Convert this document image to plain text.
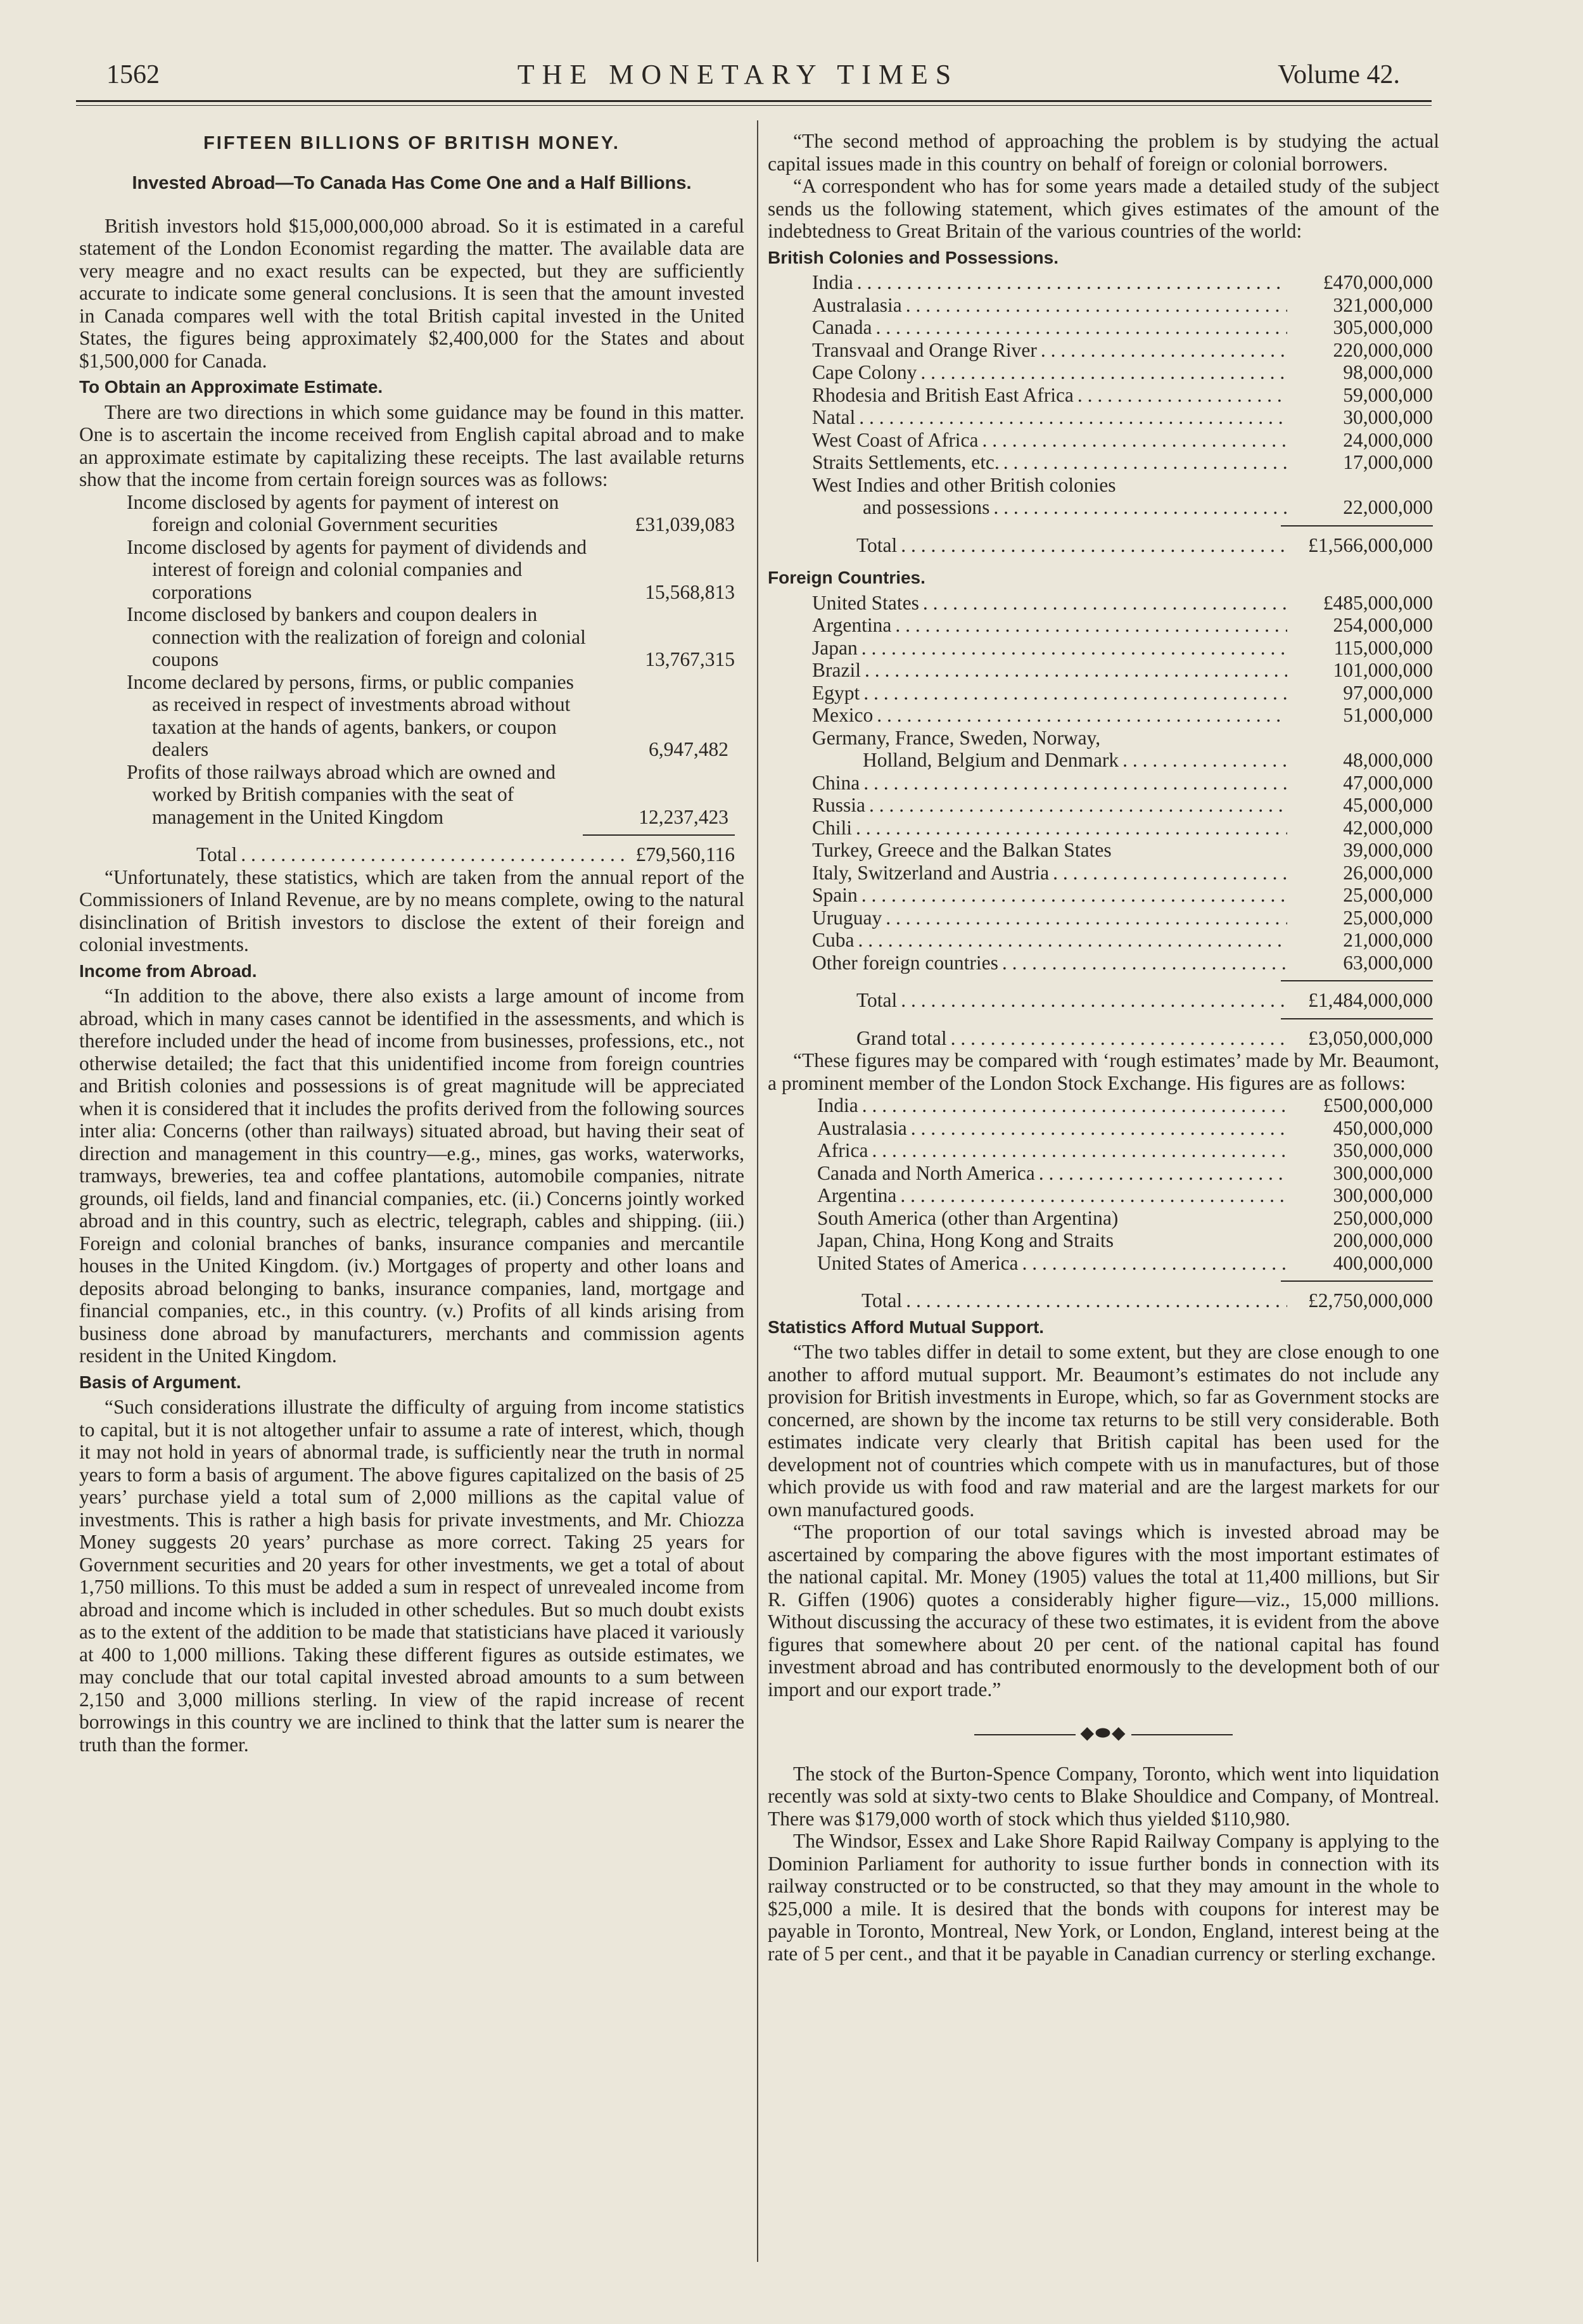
1562	THE MONETARY TIMES	Volume 42.
FIFTEEN BILLIONS OF BRITISH MONEY.
Invested Abroad—To Canada Has Come One and a Half Billions.

British investors hold $15,000,000,000 abroad. So it is estimated in a careful statement of the London Economist regarding the matter. The available data are very meagre and no exact results can be expected, but they are sufficiently accurate to indicate some general conclusions. It is seen that the amount invested in Canada compares well with the total British capital invested in the United States, the figures being approximately $2,400,000 for the States and about $1,500,000 for Canada.

To Obtain an Approximate Estimate.

There are two directions in which some guidance may be found in this matter. One is to ascertain the income received from English capital abroad and to make an approximate estimate by capitalizing these receipts. The last available returns show that the income from certain foreign sources was as follows:

Income disclosed by agents for payment of interest on foreign and colonial Government securities	£31,039,083
Income disclosed by agents for payment of dividends and interest of foreign and colonial companies and corporations	15,568,813
Income disclosed by bankers and coupon dealers in connection with the realization of foreign and colonial coupons	13,767,315
Income declared by persons, firms, or public companies as received in respect of investments abroad without taxation at the hands of agents, bankers, or coupon dealers	6,947,482
Profits of those railways abroad which are owned and worked by British companies with the seat of management in the United Kingdom	12,237,423
Total . . .	£79,560,116

“Unfortunately, these statistics, which are taken from the annual report of the Commissioners of Inland Revenue, are by no means complete, owing to the natural disinclination of British investors to disclose the extent of their foreign and colonial investments.

Income from Abroad.

“In addition to the above, there also exists a large amount of income from abroad, which in many cases cannot be identified in the assessments, and which is therefore included under the head of income from businesses, professions, etc., not otherwise detailed; the fact that this unidentified income from foreign countries and British colonies and possessions is of great magnitude will be appreciated when it is considered that it includes the profits derived from the following sources inter alia: Concerns (other than railways) situated abroad, but having their seat of direction and management in this country—e.g., mines, gas works, waterworks, tramways, breweries, tea and coffee plantations, automobile companies, nitrate grounds, oil fields, land and financial companies, etc. (ii.) Concerns jointly worked abroad and in this country, such as electric, telegraph, cables and shipping. (iii.) Foreign and colonial branches of banks, insurance companies and mercantile houses in the United Kingdom. (iv.) Mortgages of property and other loans and deposits abroad belonging to banks, insurance companies, land, mortgage and financial companies, etc., in this country. (v.) Profits of all kinds arising from business done abroad by manufacturers, merchants and commission agents resident in the United Kingdom.

Basis of Argument.

“Such considerations illustrate the difficulty of arguing from income statistics to capital, but it is not altogether unfair to assume a rate of interest, which, though it may not hold in years of abnormal trade, is sufficiently near the truth in normal years to form a basis of argument. The above figures capitalized on the basis of 25 years’ purchase yield a total sum of 2,000 millions as the capital value of investments. This is rather a high basis for private investments, and Mr. Chiozza Money suggests 20 years’ purchase as more correct. Taking 25 years for Government securities and 20 years for other investments, we get a total of about 1,750 millions. To this must be added a sum in respect of unrevealed income from abroad and income which is included in other schedules. But so much doubt exists as to the extent of the addition to be made that statisticians have placed it variously at 400 to 1,000 millions. Taking these different figures as outside estimates, we may conclude that our total capital invested abroad amounts to a sum between 2,150 and 3,000 millions sterling. In view of the rapid increase of recent borrowings in this country we are inclined to think that the latter sum is nearer the truth than the former.

“The second method of approaching the problem is by studying the actual capital issues made in this country on behalf of foreign or colonial borrowers.

“A correspondent who has for some years made a detailed study of the subject sends us the following statement, which gives estimates of the amount of the indebtedness to Great Britain of the various countries of the world:

British Colonies and Possessions.
India . . .	£470,000,000
Australasia . . .	321,000,000
Canada . . .	305,000,000
Transvaal and Orange River . . .	220,000,000
Cape Colony . . .	98,000,000
Rhodesia and British East Africa . . .	59,000,000
Natal . . .	30,000,000
West Coast of Africa . . .	24,000,000
Straits Settlements, etc. . . .	17,000,000
West Indies and other British colonies
and possessions . . .	22,000,000
Total . . .	£1,566,000,000
Foreign Countries.
United States . . .	£485,000,000
Argentina . . .	254,000,000
Japan . . .	115,000,000
Brazil . . .	101,000,000
Egypt . . .	97,000,000
Mexico . . .	51,000,000
Germany, France, Sweden, Norway,
Holland, Belgium and Denmark . . .	48,000,000
China . . .	47,000,000
Russia . . .	45,000,000
Chili . . .	42,000,000
Turkey, Greece and the Balkan States	39,000,000
Italy, Switzerland and Austria . . .	26,000,000
Spain . . .	25,000,000
Uruguay . . .	25,000,000
Cuba . . .	21,000,000
Other foreign countries . . .	63,000,000
Total . . .	£1,484,000,000
Grand total . . .	£3,050,000,000

“These figures may be compared with ‘rough estimates’ made by Mr. Beaumont, a prominent member of the London Stock Exchange. His figures are as follows:

India . . .	£500,000,000
Australasia . . .	450,000,000
Africa . . .	350,000,000
Canada and North America . . .	300,000,000
Argentina . . .	300,000,000
South America (other than Argentina)	250,000,000
Japan, China, Hong Kong and Straits	200,000,000
United States of America . . .	400,000,000
Total . . .	£2,750,000,000
Statistics Afford Mutual Support.

“The two tables differ in detail to some extent, but they are close enough to one another to afford mutual support. Mr. Beaumont’s estimates do not include any provision for British investments in Europe, which, so far as Government stocks are concerned, are shown by the income tax returns to be still very considerable. Both estimates indicate very clearly that British capital has been used for the development not of countries which compete with us in manufactures, but of those which provide us with food and raw material and are the largest markets for our own manufactured goods.

“The proportion of our total savings which is invested abroad may be ascertained by comparing the above figures with the most important estimates of the national capital. Mr. Money (1905) values the total at 11,400 millions, but Sir R. Giffen (1906) quotes a considerably higher figure—viz., 15,000 millions. Without discussing the accuracy of these two estimates, it is evident from the above figures that somewhere about 20 per cent. of the national capital has found investment abroad and has contributed enormously to the development both of our import and our export trade.”

◆⬬◆

The stock of the Burton-Spence Company, Toronto, which went into liquidation recently was sold at sixty-two cents to Blake Shouldice and Company, of Montreal. There was $179,000 worth of stock which thus yielded $110,980.

The Windsor, Essex and Lake Shore Rapid Railway Company is applying to the Dominion Parliament for authority to issue further bonds in connection with its railway constructed or to be constructed, so that they may amount in the whole to $25,000 a mile. It is desired that the bonds with coupons for interest may be payable in Toronto, Montreal, New York, or London, England, interest being at the rate of 5 per cent., and that it be payable in Canadian currency or sterling exchange.
